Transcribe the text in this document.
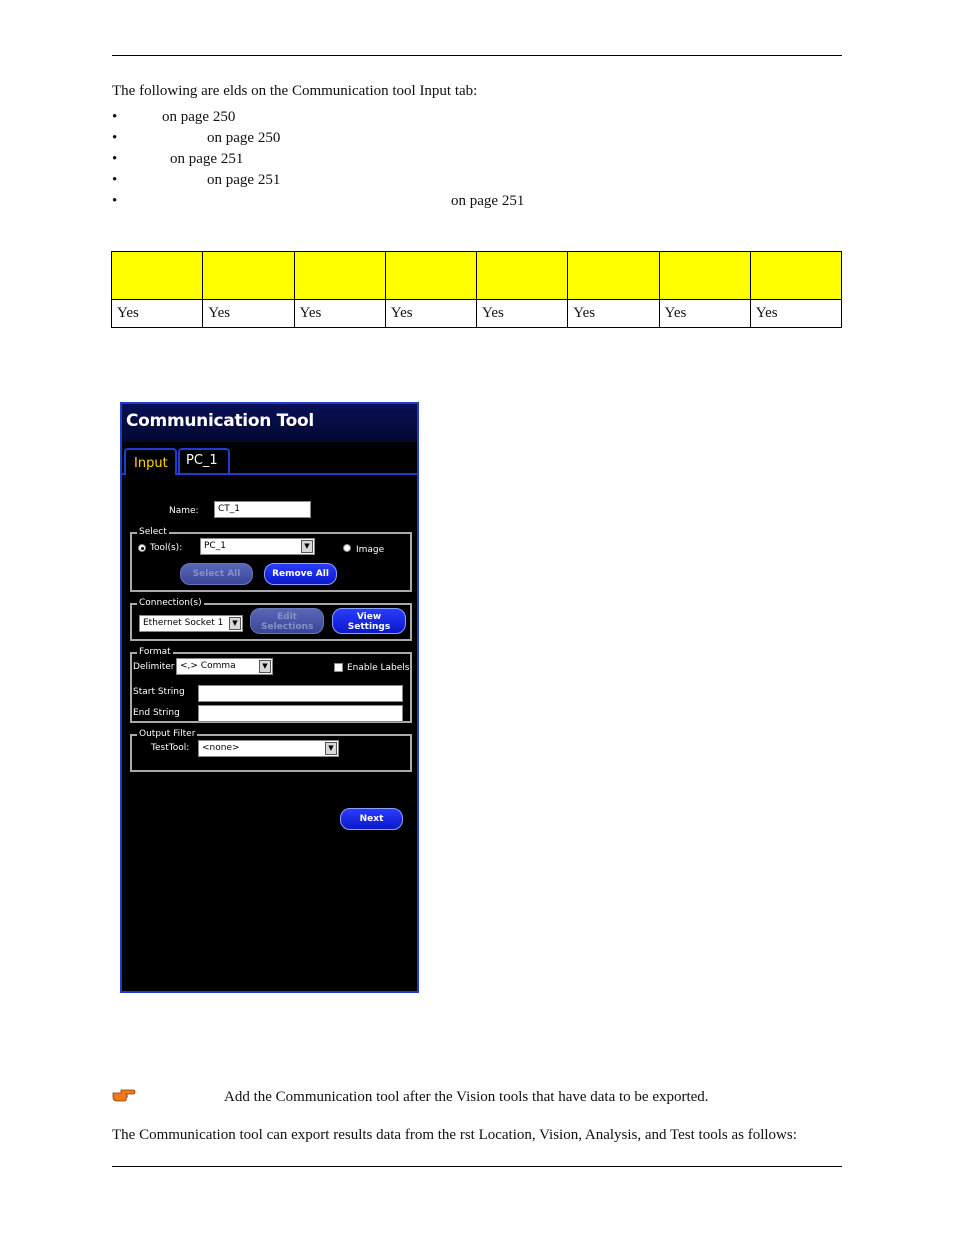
The following are elds on the Communication tool Input tab:
•	on page 250
•	on page 250
•	on page 251
•	on page 251
•	on page 251

Yes	Yes	Yes	Yes	Yes	Yes	Yes	Yes
Communication Tool
Input	PC_1
Name:	CT_1
Select
Tool(s):	PC_1	▼	Image
Select All	Remove All
Connection(s)
Ethernet Socket 1	▼
Edit Selections
View Settings
Format
Delimiter <,> Comma	▼	Enable Labels
Start String
End String
Output Filter
TestTool:	<none>	▼
Next
Add the Communication tool after the Vision tools that have data to be exported.
The Communication tool can export results data from the rst Location, Vision, Analysis, and Test tools as follows:
